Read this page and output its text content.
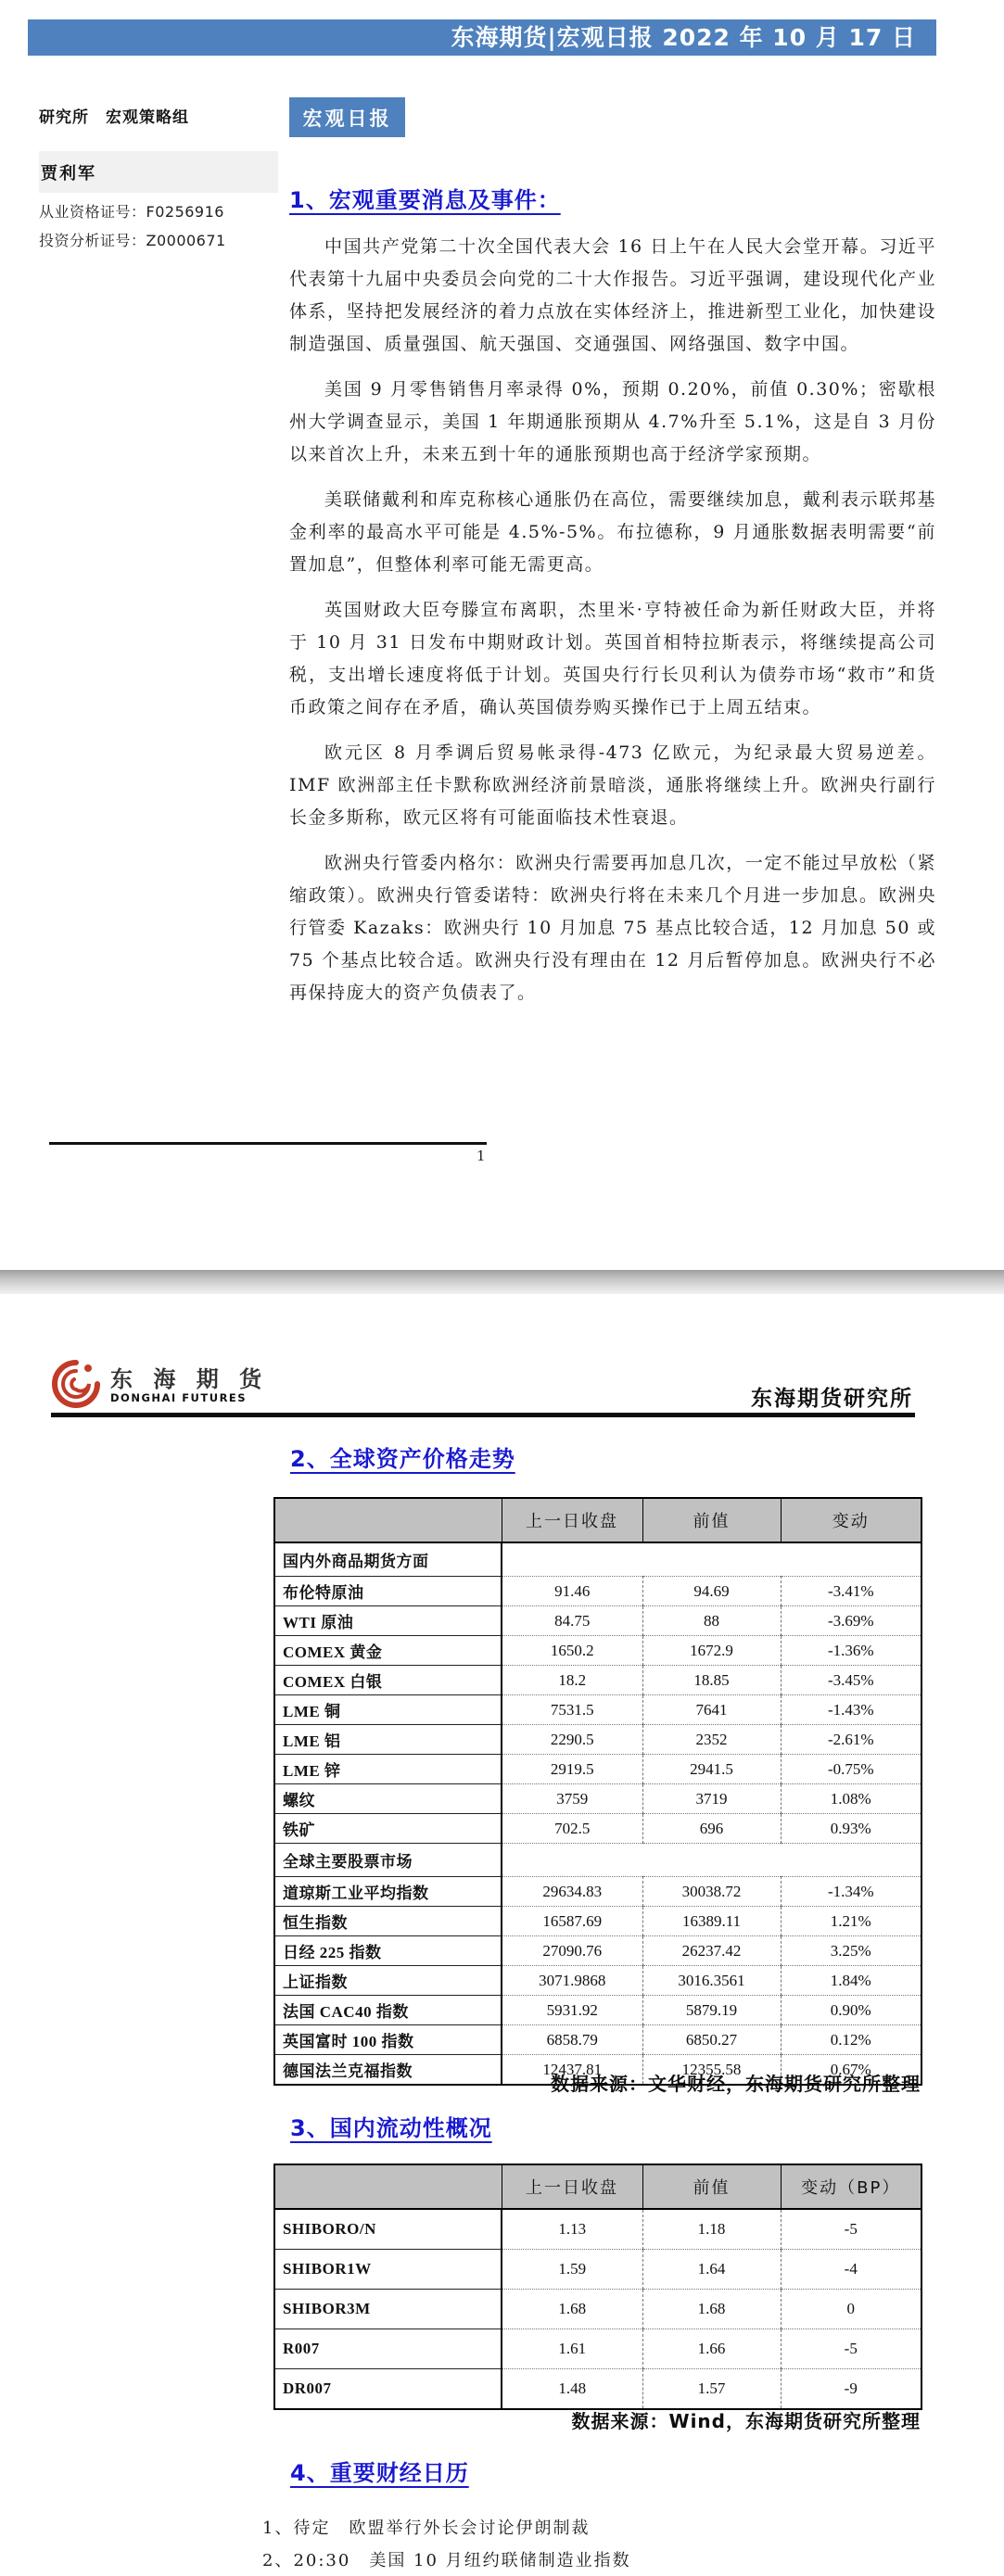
东海期货|宏观日报 2022 年 10 月 17 日
研究所　宏观策略组
贾利军
从业资格证号：F0256916
投资分析证号：Z0000671
宏观日报
1、宏观重要消息及事件：

中国共产党第二十次全国代表大会 16 日上午在人民大会堂开幕。习近平代表第十九届中央委员会向党的二十大作报告。习近平强调，建设现代化产业体系，坚持把发展经济的着力点放在实体经济上，推进新型工业化，加快建设制造强国、质量强国、航天强国、交通强国、网络强国、数字中国。

美国 9 月零售销售月率录得 0%，预期 0.20%，前值 0.30%；密歇根州大学调查显示，美国 1 年期通胀预期从 4.7%升至 5.1%，这是自 3 月份以来首次上升，未来五到十年的通胀预期也高于经济学家预期。

美联储戴利和库克称核心通胀仍在高位，需要继续加息，戴利表示联邦基金利率的最高水平可能是 4.5%-5%。布拉德称，9 月通胀数据表明需要“前置加息”，但整体利率可能无需更高。

英国财政大臣夸滕宣布离职，杰里米·亨特被任命为新任财政大臣，并将于 10 月 31 日发布中期财政计划。英国首相特拉斯表示，将继续提高公司税，支出增长速度将低于计划。英国央行行长贝利认为债券市场“救市”和货币政策之间存在矛盾，确认英国债券购买操作已于上周五结束。

欧元区 8 月季调后贸易帐录得-473 亿欧元，为纪录最大贸易逆差。IMF 欧洲部主任卡默称欧洲经济前景暗淡，通胀将继续上升。欧洲央行副行长金多斯称，欧元区将有可能面临技术性衰退。

欧洲央行管委内格尔：欧洲央行需要再加息几次，一定不能过早放松（紧缩政策）。欧洲央行管委诺特：欧洲央行将在未来几个月进一步加息。欧洲央行管委 Kazaks：欧洲央行 10 月加息 75 基点比较合适，12 月加息 50 或 75 个基点比较合适。欧洲央行没有理由在 12 月后暂停加息。欧洲央行不必再保持庞大的资产负债表了。

1
东 海 期 货
DONGHAI FUTURES	东海期货研究所
2、全球资产价格走势
	上一日收盘	前值	变动
国内外商品期货方面			
布伦特原油	91.46	94.69	-3.41%
WTI 原油	84.75	88	-3.69%
COMEX 黄金	1650.2	1672.9	-1.36%
COMEX 白银	18.2	18.85	-3.45%
LME 铜	7531.5	7641	-1.43%
LME 铝	2290.5	2352	-2.61%
LME 锌	2919.5	2941.5	-0.75%
螺纹	3759	3719	1.08%
铁矿	702.5	696	0.93%
全球主要股票市场			
道琼斯工业平均指数	29634.83	30038.72	-1.34%
恒生指数	16587.69	16389.11	1.21%
日经 225 指数	27090.76	26237.42	3.25%
上证指数	3071.9868	3016.3561	1.84%
法国 CAC40 指数	5931.92	5879.19	0.90%
英国富时 100 指数	6858.79	6850.27	0.12%
德国法兰克福指数	12437.81	12355.58	0.67%
数据来源：文华财经，东海期货研究所整理
3、国内流动性概况
	上一日收盘	前值	变动（BP）
SHIBORO/N	1.13	1.18	-5
SHIBOR1W	1.59	1.64	-4
SHIBOR3M	1.68	1.68	0
R007	1.61	1.66	-5
DR007	1.48	1.57	-9
数据来源：Wind，东海期货研究所整理
4、重要财经日历

1、待定　欧盟举行外长会讨论伊朗制裁

2、20:30　美国 10 月纽约联储制造业指数
